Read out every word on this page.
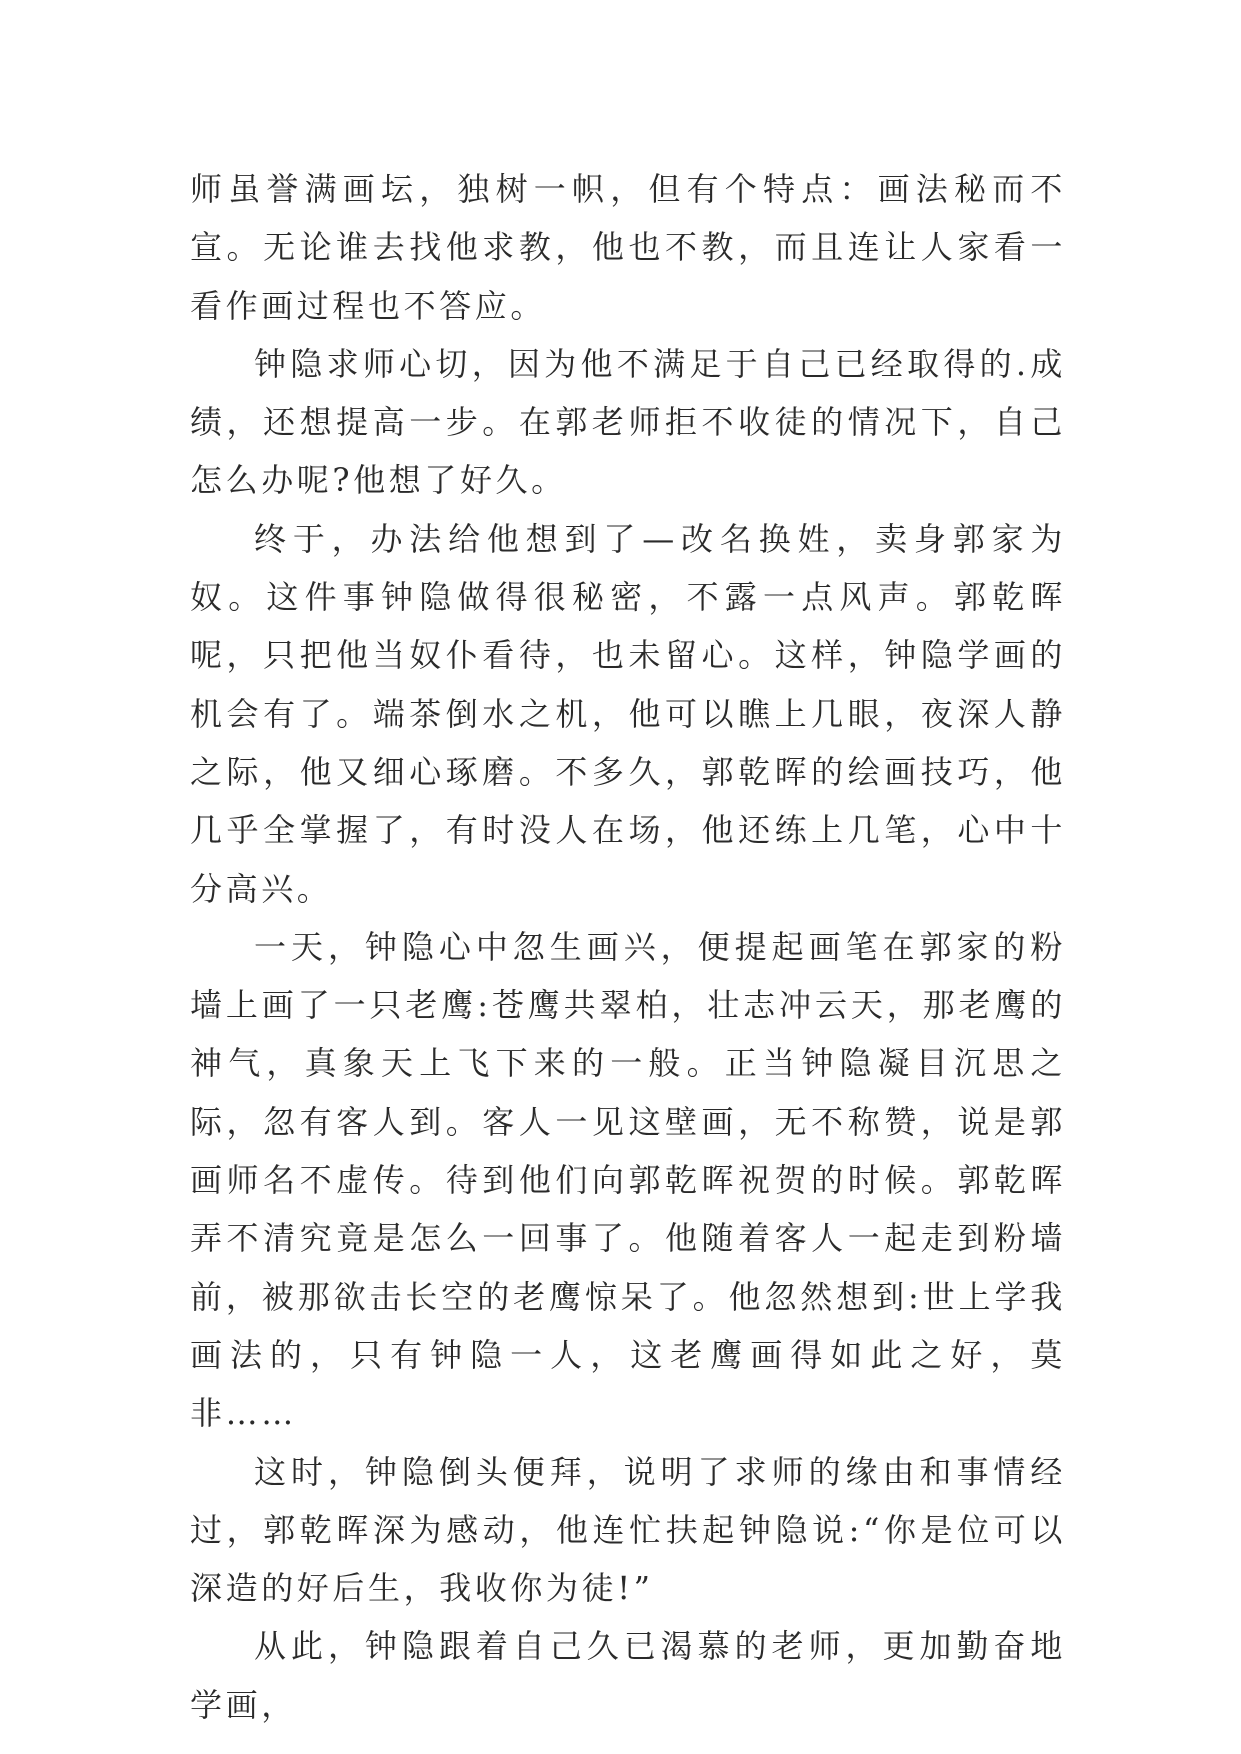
师虽誉满画坛，独树一帜，但有个特点：画法秘而不宣。无论谁去找他求教，他也不教，而且连让人家看一看作画过程也不答应。

钟隐求师心切，因为他不满足于自己已经取得的.成绩，还想提高一步。在郭老师拒不收徒的情况下，自己怎么办呢?他想了好久。

终于，办法给他想到了—改名换姓，卖身郭家为奴。这件事钟隐做得很秘密，不露一点风声。郭乾晖呢，只把他当奴仆看待，也未留心。这样，钟隐学画的机会有了。端茶倒水之机，他可以瞧上几眼，夜深人静之际，他又细心琢磨。不多久，郭乾晖的绘画技巧，他几乎全掌握了，有时没人在场，他还练上几笔，心中十分高兴。

一天，钟隐心中忽生画兴，便提起画笔在郭家的粉墙上画了一只老鹰:苍鹰共翠柏，壮志冲云天，那老鹰的神气，真象天上飞下来的一般。正当钟隐凝目沉思之际，忽有客人到。客人一见这壁画，无不称赞，说是郭画师名不虚传。待到他们向郭乾晖祝贺的时候。郭乾晖弄不清究竟是怎么一回事了。他随着客人一起走到粉墙前，被那欲击长空的老鹰惊呆了。他忽然想到:世上学我画法的，只有钟隐一人，这老鹰画得如此之好，莫非……

这时，钟隐倒头便拜，说明了求师的缘由和事情经过，郭乾晖深为感动，他连忙扶起钟隐说:“你是位可以深造的好后生，我收你为徒!”

从此，钟隐跟着自己久已渴慕的老师，更加勤奋地学画，
